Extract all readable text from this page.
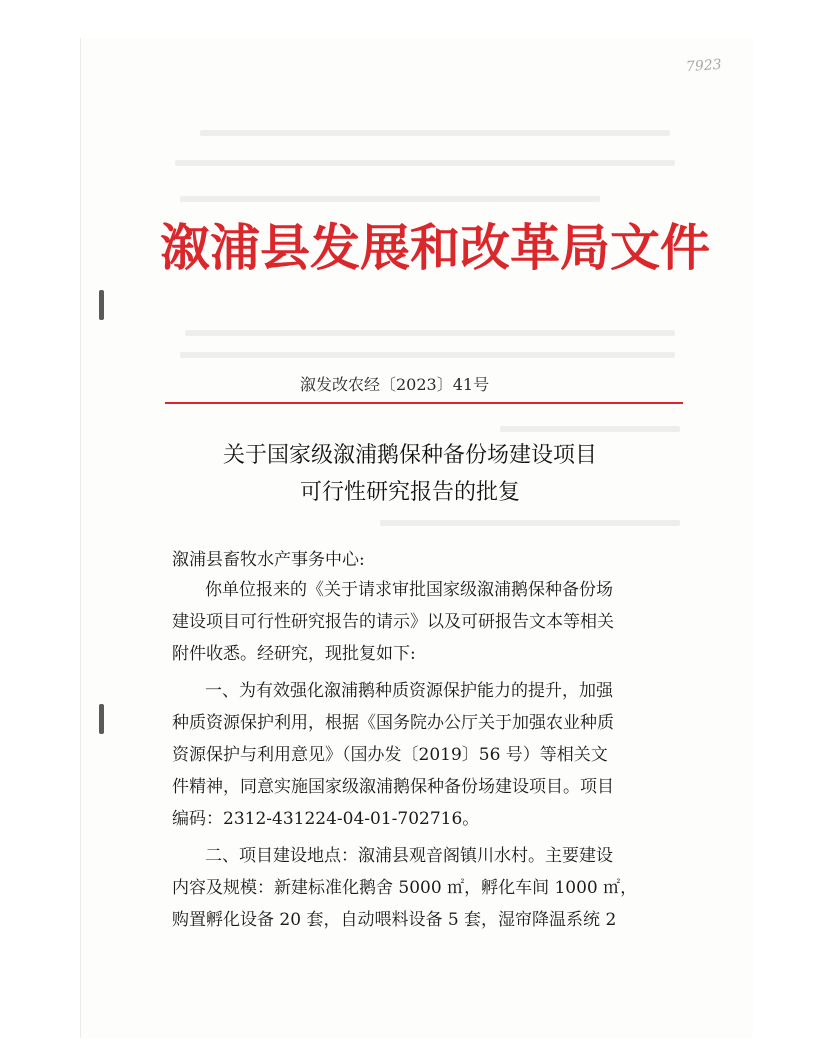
7923
溆浦县发展和改革局文件
溆发改农经〔2023〕41号
关于国家级溆浦鹅保种备份场建设项目
可行性研究报告的批复
溆浦县畜牧水产事务中心:
你单位报来的《关于请求审批国家级溆浦鹅保种备份场
建设项目可行性研究报告的请示》以及可研报告文本等相关
附件收悉。经研究，现批复如下:
一、为有效强化溆浦鹅种质资源保护能力的提升，加强
种质资源保护利用，根据《国务院办公厅关于加强农业种质
资源保护与利用意见》（国办发〔2019〕56 号）等相关文
件精神，同意实施国家级溆浦鹅保种备份场建设项目。项目
编码：2312-431224-04-01-702716。
二、项目建设地点：溆浦县观音阁镇川水村。主要建设
内容及规模：新建标准化鹅舍 5000 ㎡，孵化车间 1000 ㎡，
购置孵化设备 20 套，自动喂料设备 5 套，湿帘降温系统 2
